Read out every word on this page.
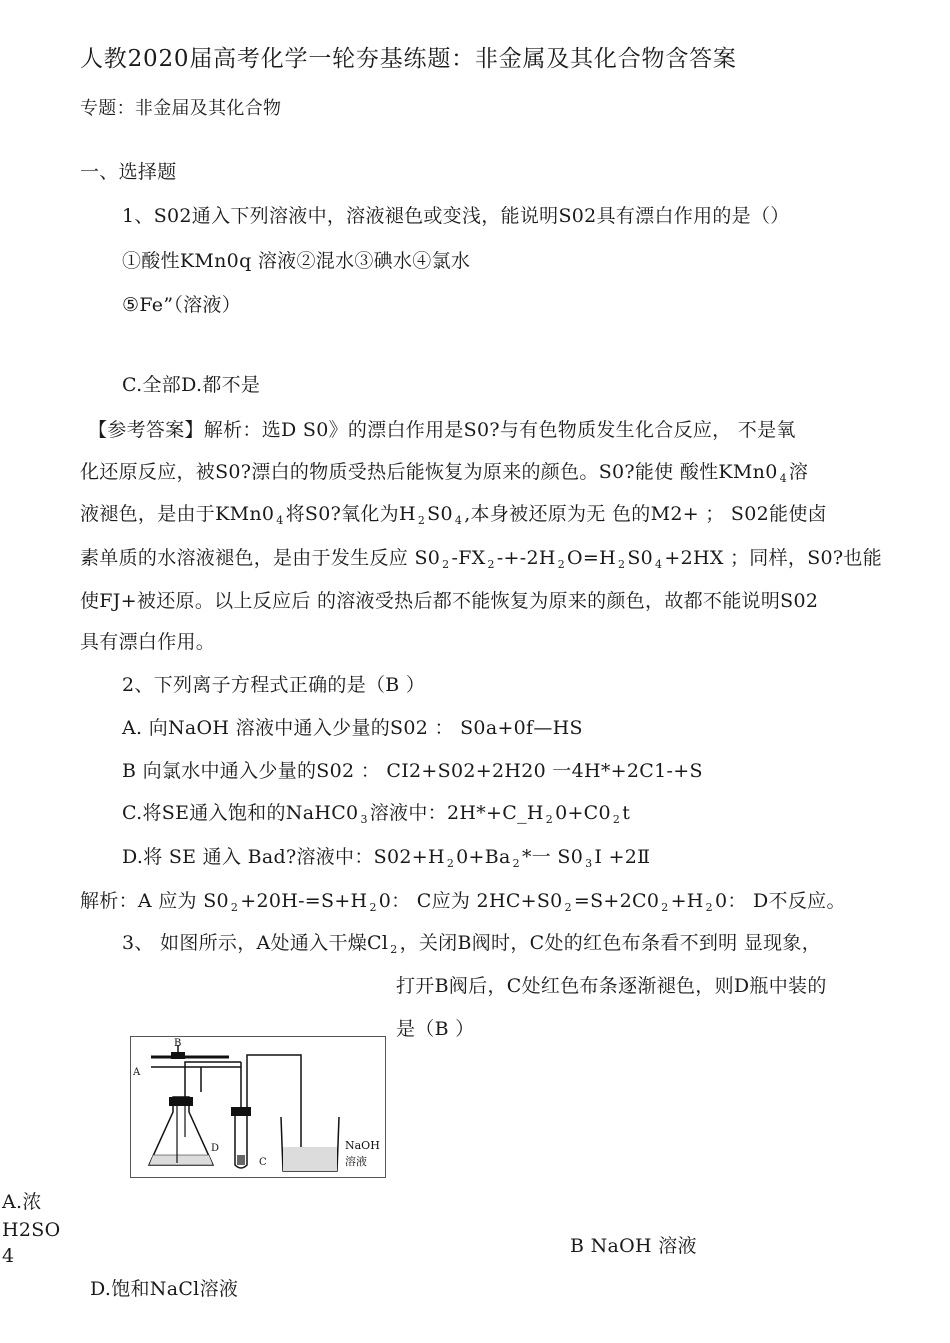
人教2020届高考化学一轮夯基练题：非金属及其化合物含答案
专题：非金届及其化合物
一、选择题
1、S02通入下列溶液中，溶液褪色或变浅，能说明S02具有漂白作用的是（）
①酸性KMn0q 溶液②混水③碘水④氯水
⑤Fe”（溶液）
C.全部D.都不是
【参考答案】解析：选D S0》的漂白作用是S0?与有色物质发生化合反应， 不是氧
化还原反应，被S0?漂白的物质受热后能恢复为原来的颜色。S0?能使 酸性KMn0 $_4$ 溶
液褪色，是由于KMn0 $_4$ 将S0?氧化为H $_2$ S0 $_4$ ,本身被还原为无 色的M2+ ； S02能使卤
素单质的水溶液褪色，是由于发生反应 S0 $_2$ -FX $_2$ -+-2H $_2$ O=H $_2$ S0 $_4$ +2HX ；同样，S0?也能
使FJ+被还原。以上反应后 的溶液受热后都不能恢复为原来的颜色，故都不能说明S02
具有漂白作用。
2、下列离子方程式正确的是（B ）
A. 向NaOH 溶液中通入少量的S02 ： S0a+0f—HS
B 向氯水中通入少量的S02 ： CI2+S02+2H20 一4H*+2C1-+S
C.将SE通入饱和的NaHC0 $_3$ 溶液中：2H*+C_H $_2$ 0+C0 $_2$ t
D.将 SE 通入 Bad?溶液中：S02+H $_2$ 0+Ba $_2$ *一 S0 $_3$ I +2Ⅱ
解析：A 应为 S0 $_2$ +20H-=S+H $_2$ 0： C应为 2HC+S0 $_2$ =S+2C0 $_2$ +H $_2$ 0： D不反应。
3、 如图所示，A处通入干燥Cl $_2$ ，关闭B阀时，C处的红色布条看不到明 显现象，
打开B阀后，C处红色布条逐渐褪色，则D瓶中装的
是（B ）
B
A
D
C
NaOH
溶液
A.浓
H2SO
4	B NaOH 溶液
D.饱和NaCl溶液
